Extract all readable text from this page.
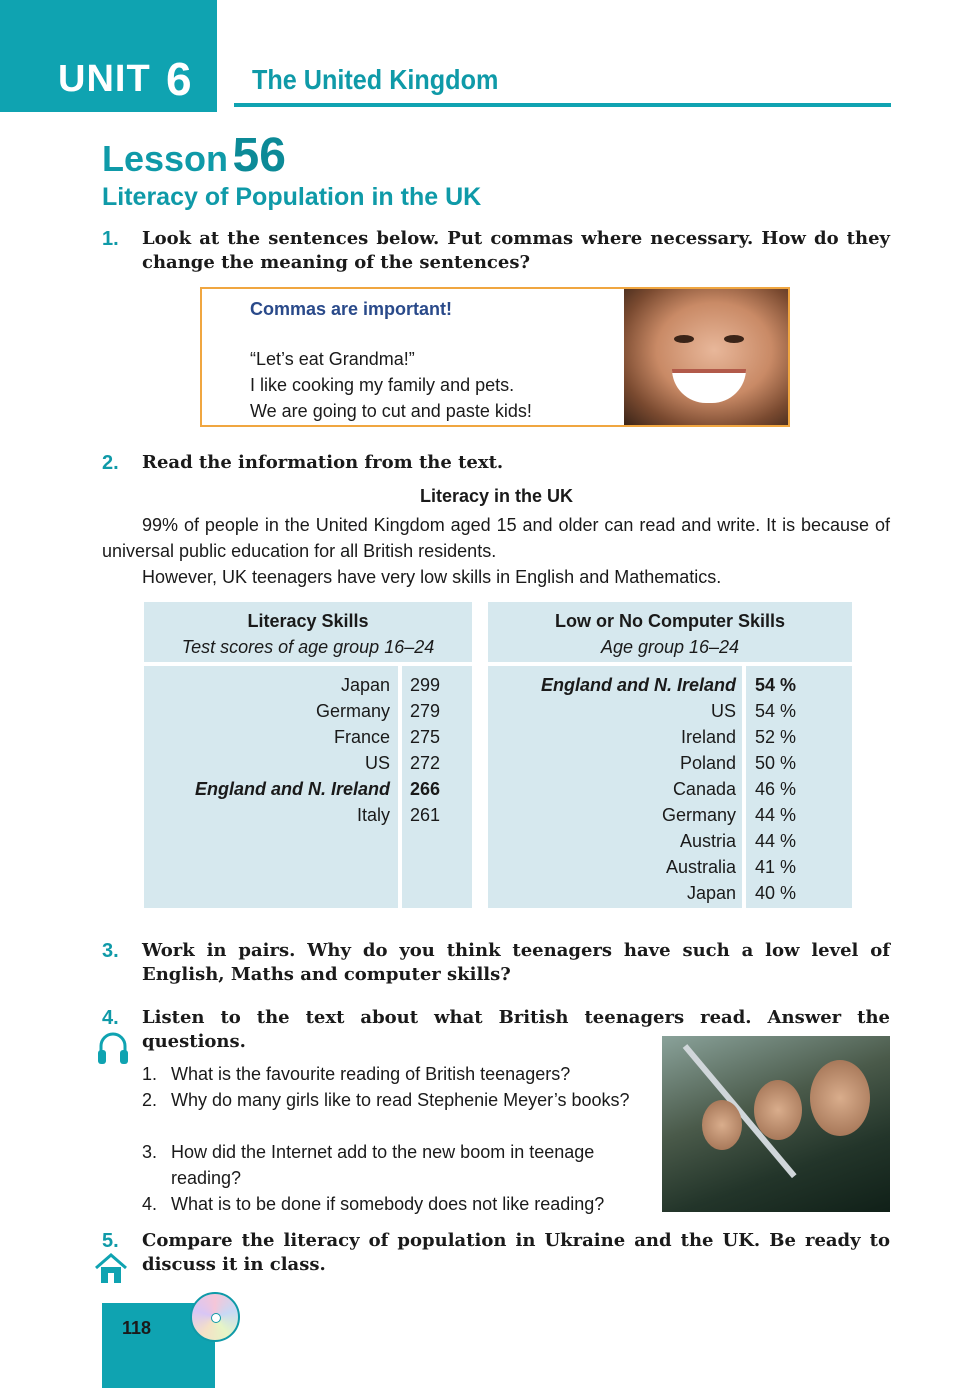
UNIT 6 The United Kingdom
Lesson 56
Literacy of Population in the UK
1. Look at the sentences below. Put commas where necessary. How do they change the meaning of the sentences?
Commas are important!
“Let’s eat Grandma!”
I like cooking my family and pets.
We are going to cut and paste kids!
2. Read the information from the text.
Literacy in the UK
99% of people in the United Kingdom aged 15 and older can read and write. It is because of universal public education for all British residents.
However, UK teenagers have very low skills in English and Mathematics.
Literacy Skills
Test scores of age group 16–24
Japan
Germany
France
US
England and N. Ireland
Italy
299
279
275
272
266
261
Low or No Computer Skills
Age group 16–24
England and N. Ireland
US
Ireland
Poland
Canada
Germany
Austria
Australia
Japan
54 %
54 %
52 %
50 %
46 %
44 %
44 %
41 %
40 %
3. Work in pairs. Why do you think teenagers have such a low level of English, Maths and computer skills?
4. Listen to the text about what British teenagers read. Answer the questions.
1. What is the favourite reading of British teenagers?
2. Why do many girls like to read Stephenie Meyer’s books?
3. How did the Internet add to the new boom in teenage reading?
4. What is to be done if somebody does not like reading?
5. Compare the literacy of population in Ukraine and the UK. Be ready to discuss it in class.
118
